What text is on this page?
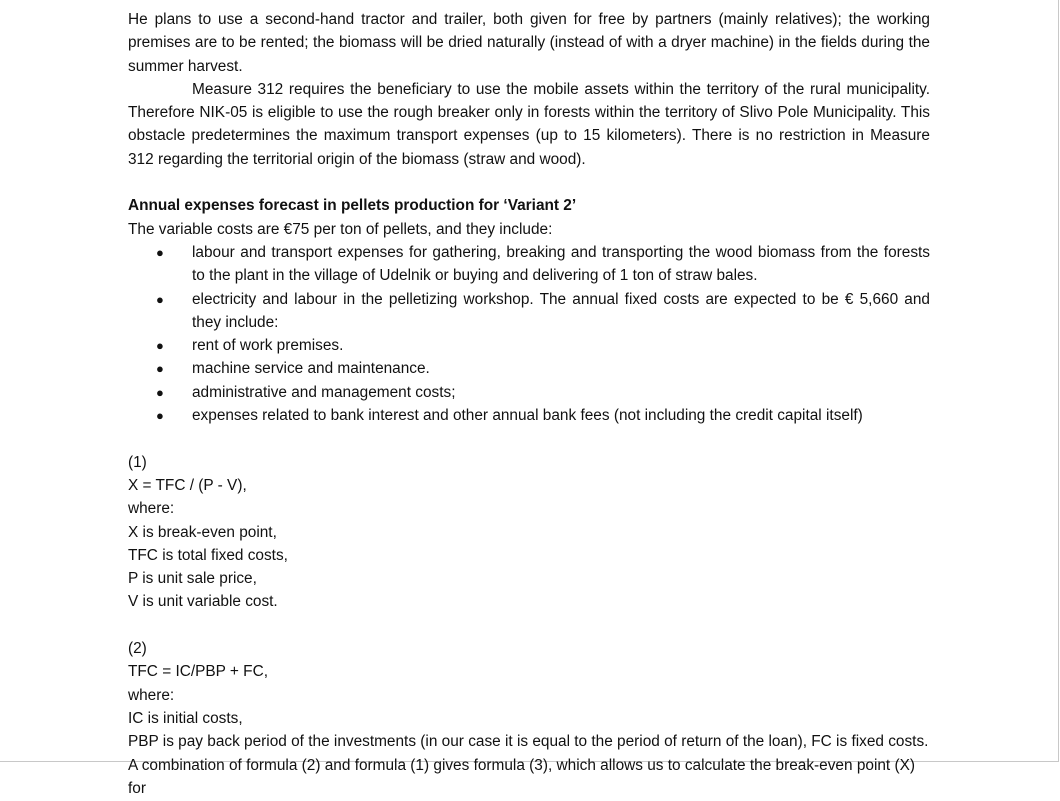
He plans to use a second-hand tractor and trailer, both given for free by partners (mainly relatives); the working premises are to be rented; the biomass will be dried naturally (instead of with a dryer machine) in the fields during the summer harvest.

Measure 312 requires the beneficiary to use the mobile assets within the territory of the rural municipality. Therefore NIK-05 is eligible to use the rough breaker only in forests within the territory of Slivo Pole Municipality. This obstacle predetermines the maximum transport expenses (up to 15 kilometers). There is no restriction in Measure 312 regarding the territorial origin of the biomass (straw and wood).

Annual expenses forecast in pellets production for ‘Variant 2’

The variable costs are €75 per ton of pellets, and they include:

● labour and transport expenses for gathering, breaking and transporting the wood biomass from the forests to the plant in the village of Udelnik or buying and delivering of 1 ton of straw bales.
● electricity and labour in the pelletizing workshop. The annual fixed costs are expected to be € 5,660 and they include:
● rent of work premises.
● machine service and maintenance.
● administrative and management costs;
● expenses related to bank interest and other annual bank fees (not including the credit capital itself)
(1)
X = TFC / (P - V),
where:
X is break-even point,
TFC is total fixed costs,
P is unit sale price,
V is unit variable cost.
(2)
TFC = IC/PBP + FC,
where:
IC is initial costs,
PBP is pay back period of the investments (in our case it is equal to the period of return of the loan), FC is fixed costs.
A combination of formula (2) and formula (1) gives formula (3), which allows us to calculate the break-even point (X) for
